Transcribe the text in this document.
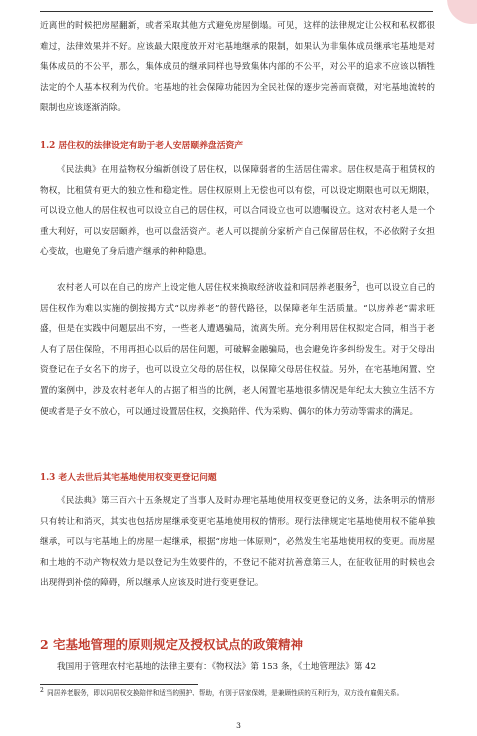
近离世的时候把房屋翻新，或者采取其他方式避免房屋倒塌。可见，这样的法律规定让公权和私权都很难过，法律效果并不好。应该最大限度放开对宅基地继承的限制，如果认为非集体成员继承宅基地是对集体成员的不公平，那么，集体成员的继承同样也导致集体内部的不公平，对公平的追求不应该以牺牲法定的个人基本权利为代价。宅基地的社会保障功能因为全民社保的逐步完善而衰微，对宅基地流转的限制也应该逐渐消除。

1.2 居住权的法律设定有助于老人安居颐养盘活资产

《民法典》在用益物权分编新创设了居住权，以保障弱者的生活居住需求。居住权是高于租赁权的物权，比租赁有更大的独立性和稳定性。居住权原则上无偿也可以有偿，可以设定期限也可以无期限，可以设立他人的居住权也可以设立自己的居住权，可以合同设立也可以遗嘱设立。这对农村老人是一个重大利好，可以安居颐养，也可以盘活资产。老人可以提前分家析产自己保留居住权，不必依附子女担心变故，也避免了身后遗产继承的种种隐患。

农村老人可以在自己的房产上设定他人居住权来换取经济收益和同居养老服务$^2$，也可以设立自己的居住权作为难以实施的倒按揭方式“以房养老”的替代路径，以保障老年生活质量。“以房养老”需求旺盛，但是在实践中问题层出不穷，一些老人遭遇骗局，流离失所。充分利用居住权拟定合同，相当于老人有了居住保险，不用再担心以后的居住问题，可破解金融骗局，也会避免许多纠纷发生。对于父母出资登记在子女名下的房子，也可以设立父母的居住权，以保障父母居住权益。另外，在宅基地闲置、空置的案例中，涉及农村老年人的占据了相当的比例，老人闲置宅基地很多情况是年纪太大独立生活不方便或者是子女不放心，可以通过设置居住权，交换陪伴、代为采购、偶尔的体力劳动等需求的满足。

1.3 老人去世后其宅基地使用权变更登记问题

《民法典》第三百六十五条规定了当事人及时办理宅基地使用权变更登记的义务，法条明示的情形只有转让和消灭，其实也包括房屋继承变更宅基地使用权的情形。现行法律规定宅基地使用权不能单独继承，可以与宅基地上的房屋一起继承，根据“房地一体原则”，必然发生宅基地使用权的变更。而房屋和土地的不动产物权效力是以登记为生效要件的，不登记不能对抗善意第三人，在征收征用的时候也会出现得到补偿的障碍，所以继承人应该及时进行变更登记。

2 宅基地管理的原则规定及授权试点的政策精神

我国用于管理农村宅基地的法律主要有：《物权法》第 153 条，《土地管理法》第 42

$^2$  同居养老服务，即以同居权交换陪伴和适当的照护、帮助，有别于居家保姆，是兼顾性质的互利行为，双方没有雇佣关系。

3
